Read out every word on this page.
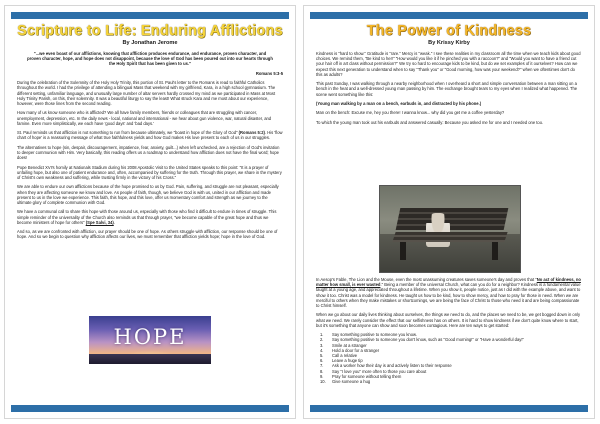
Scripture to Life: Enduring Afflictions
By Jonathan Jerome

"...we even boast of our afflictions, knowing that affliction produces endurance, and endurance, proven character, and proven character, hope, and hope does not disappoint, because the love of God has been poured out into our hearts through the Holy Spirit that has been given to us."

Romans 5:3-5

During the celebration of the Solemnity of the Holy Holy Trinity, this portion of St. Paul's letter to the Romans is read to faithful Catholics throughout the world. I had the privilege of attending a bilingual Mass that weekend with my girlfriend, Kara, in a high school gymnasium. The different setting, unfamiliar language, and unusually large number of altar servers hardly crossed my mind as we participated in Mass at Most Holy Trinity Parish, on this, their solemnity. It was a beautiful liturgy to say the least! What struck Kara and me most about our experience, however, were those lines from the second reading.

How many of us know someone who is afflicted? We all have family members, friends or colleagues that are struggling with cancer, unemployment, depression, etc. In the daily news - local, national and international - we hear about gun violence, war, natural disaster, and famine. Even more simplistically, we each have 'good days' and 'bad days.'

St. Paul reminds us that affliction is not something to run from because ultimately, we "boast in hope of the Glory of God" (Romans 5:2). His 'flow chart of hope' is a reassuring message of what true faithfulness yields and how God makes His love present to each of us in our struggles.

The alternatives to hope (sin, despair, discouragement, impatience, fear, anxiety, guilt...) when left unchecked, are a rejection of God's invitation to deeper communion with Him. Very basically, this reading offers us a roadmap to understand how affliction does not have the final word; hope does!

Pope Benedict XVI's homily at Nationals Stadium during his 2008 Apostolic Visit to the United States speaks to this point: "It is a prayer of unfailing hope, but also one of patient endurance and, often, accompanied by suffering for the truth. Through this prayer, we share in the mystery of Christ's own weakness and suffering, while trusting firmly in the victory of his Cross."

We are able to endure our own afflictions because of the hope promised to us by God. Pain, suffering, and struggle are not pleasant, especially when they are affecting someone we know and love. As people of faith, though, we believe God is with us, united in our affliction and made present to us in the love we experience. This faith, this hope, and this love, offer us momentary comfort and strength as we journey to the ultimate glory of complete communion with God.

We have a communal call to share this hope with those around us, especially with those who find it difficult to endure in times of struggle. This simple reminder of the universality of the Church also reminds us that through prayer, "we become capable of the great hope and thus we become ministers of hope for others" (Spe Salvi, 34).

And so, as we are confronted with affliction, our prayer should be one of hope. As others struggle with affliction, our response should be one of hope. And so we begin to question why affliction affects our lives, we must remember that affliction yields hope; hope in the love of God.

HOPE
The Power of Kindness
By Krissy Kirby

Kindness is "hard to show." Gratitude is "rare." Mercy is "weak." I see these realities in my classroom all the time when we teach kids about good choices. We remind them, "Be kind to her!" "How would you like it if he pinched you with a raccoon?" and "Would you want to have a friend cut your hair off in art class without permission?" We try so hard to encourage kids to be kind, but do we set examples of it ourselves? How can we expect this next generation to understand when to say "Thank you" or "Good morning, how was your weekend?" when we oftentimes don't do this as adults?

This past Sunday, I was walking through a nearby neighborhood when I overheard a short and simple conversation between a man sitting on a bench in the heat and a well-dressed young man passing by him. The exchange brought tears to my eyes when I realized what happened. The scene went something like this:

(Young man walking by a man on a bench, earbuds in, and distracted by his phone.)

Man on the bench: Excuse me, hey you there! I wanna know... why did you get me a coffee yesterday?

To which the young man took out his earbuds and answered casually: Because you asked me for one and I needed one too.

In Aesop's Fable, The Lion and the Mouse, even the most unassuming creatures saves someone's day and proves that "No act of kindness, no matter how small, is ever wasted." Being a member of the universal Church, what can you do for a neighbor? Kindness is a fundamental value taught at a young age, and appreciated throughout a lifetime. When you show it, people notice, just as I did with the example above, and want to show it too. Christ was a model for kindness. He taught us how to be kind, how to show mercy, and how to pray for those in need. When we are merciful to others when they make mistakes or shortcomings, we are being the face of Christ to those who need it and are being compassionate to Christ himself.

When we go about our daily lives thinking about ourselves, the things we need to do, and the places we need to be, we get bogged down in only what we need. We rarely consider the effect that our selfishness has on others. It is hard to show kindness if we don't quite know where to start, but it's something that anyone can show and soon becomes contagious. Here are ten ways to get started:

1.	Say something positive to someone you know.
2.	Say something positive to someone you don't know, such as "Good morning!" or "Have a wonderful day!"
3.	Smile at a stranger
4.	Hold a door for a stranger
5.	Call a relative
6.	Leave a huge tip
7.	Ask a worker how their day is and actively listen to their response
8.	Say "I love you" more often to those you care about
9.	Pray for someone without telling them
10.	Give someone a hug
